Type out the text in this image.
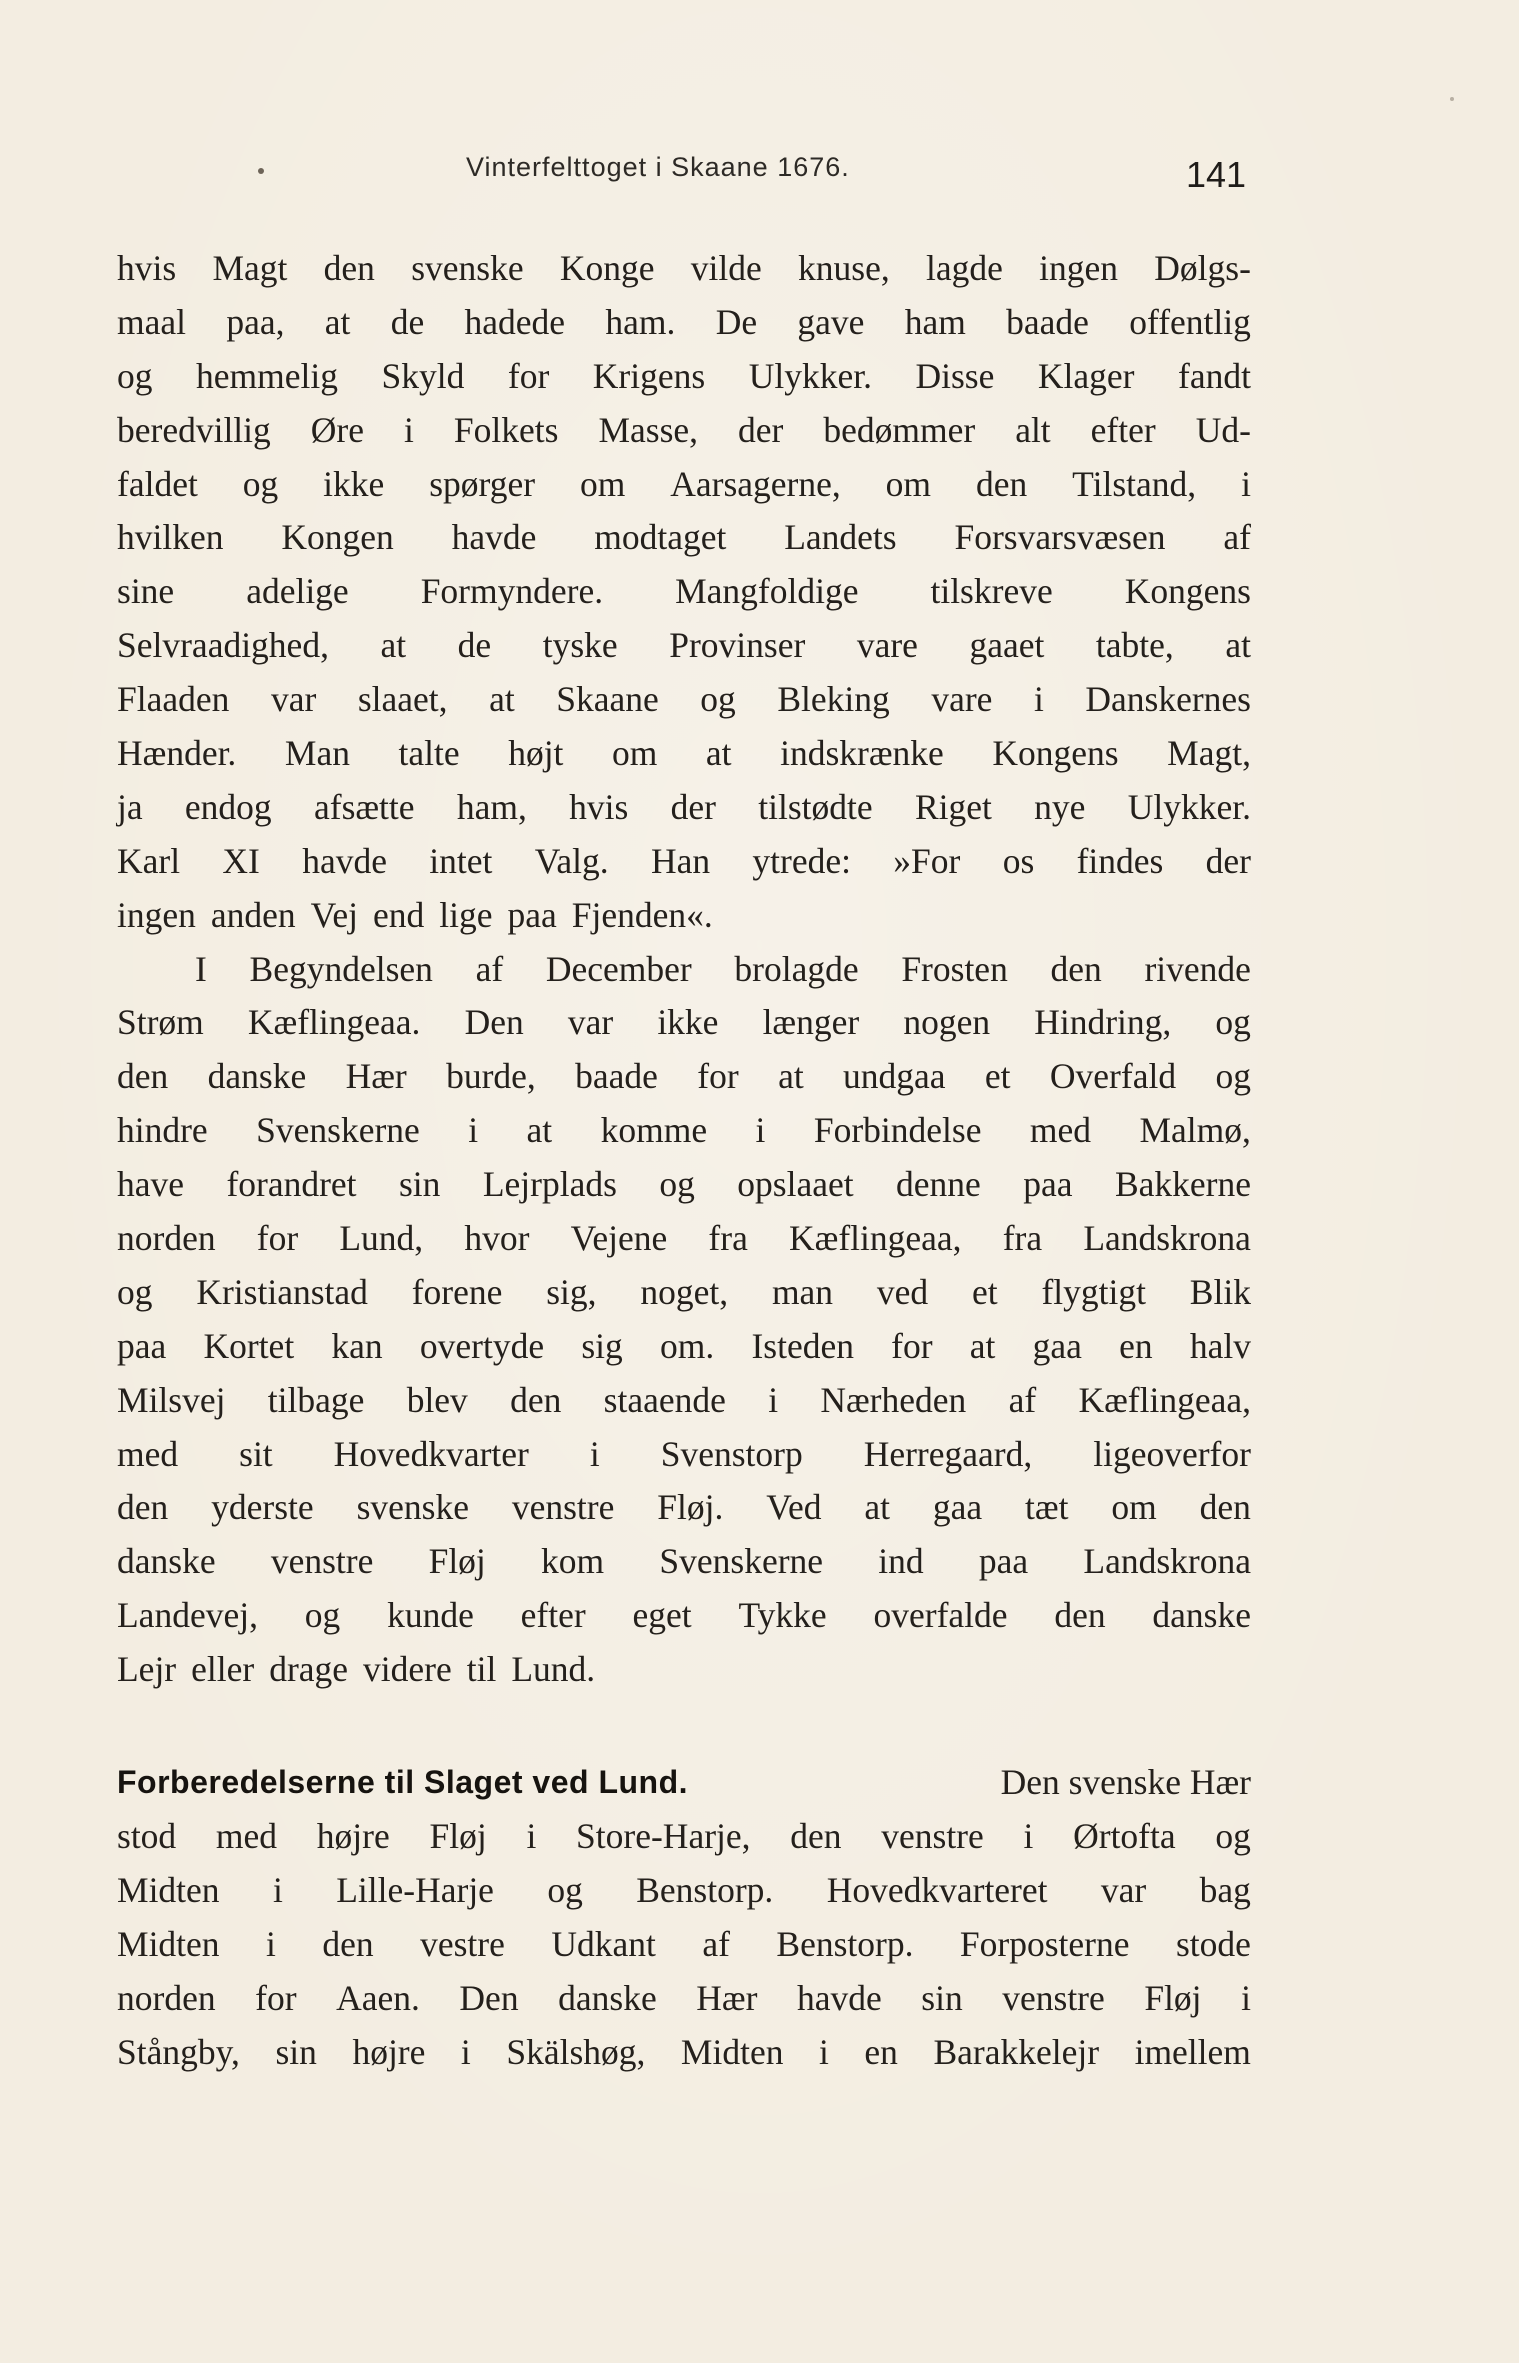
Vinterfelttoget i Skaane 1676.	141
hvis Magt den svenske Konge vilde knuse, lagde ingen Dølgs-
maal paa, at de hadede ham. De gave ham baade offentlig
og hemmelig Skyld for Krigens Ulykker. Disse Klager fandt
beredvillig Øre i Folkets Masse, der bedømmer alt efter Ud-
faldet og ikke spørger om Aarsagerne, om den Tilstand, i
hvilken Kongen havde modtaget Landets Forsvarsvæsen af
sine adelige Formyndere. Mangfoldige tilskreve Kongens
Selvraadighed, at de tyske Provinser vare gaaet tabte, at
Flaaden var slaaet, at Skaane og Bleking vare i Danskernes
Hænder. Man talte højt om at indskrænke Kongens Magt,
ja endog afsætte ham, hvis der tilstødte Riget nye Ulykker.
Karl XI havde intet Valg. Han ytrede: »For os findes der
ingen anden Vej end lige paa Fjenden«.
I Begyndelsen af December brolagde Frosten den rivende
Strøm Kæflingeaa. Den var ikke længer nogen Hindring, og
den danske Hær burde, baade for at undgaa et Overfald og
hindre Svenskerne i at komme i Forbindelse med Malmø,
have forandret sin Lejrplads og opslaaet denne paa Bakkerne
norden for Lund, hvor Vejene fra Kæflingeaa, fra Landskrona
og Kristianstad forene sig, noget, man ved et flygtigt Blik
paa Kortet kan overtyde sig om. Isteden for at gaa en halv
Milsvej tilbage blev den staaende i Nærheden af Kæflingeaa,
med sit Hovedkvarter i Svenstorp Herregaard, ligeoverfor
den yderste svenske venstre Fløj. Ved at gaa tæt om den
danske venstre Fløj kom Svenskerne ind paa Landskrona
Landevej, og kunde efter eget Tykke overfalde den danske
Lejr eller drage videre til Lund.
Forberedelserne til Slaget ved Lund.	Den svenske Hær
stod med højre Fløj i Store-Harje, den venstre i Ørtofta og
Midten i Lille-Harje og Benstorp. Hovedkvarteret var bag
Midten i den vestre Udkant af Benstorp. Forposterne stode
norden for Aaen. Den danske Hær havde sin venstre Fløj i
Stångby, sin højre i Skälshøg, Midten i en Barakkelejr imellem
